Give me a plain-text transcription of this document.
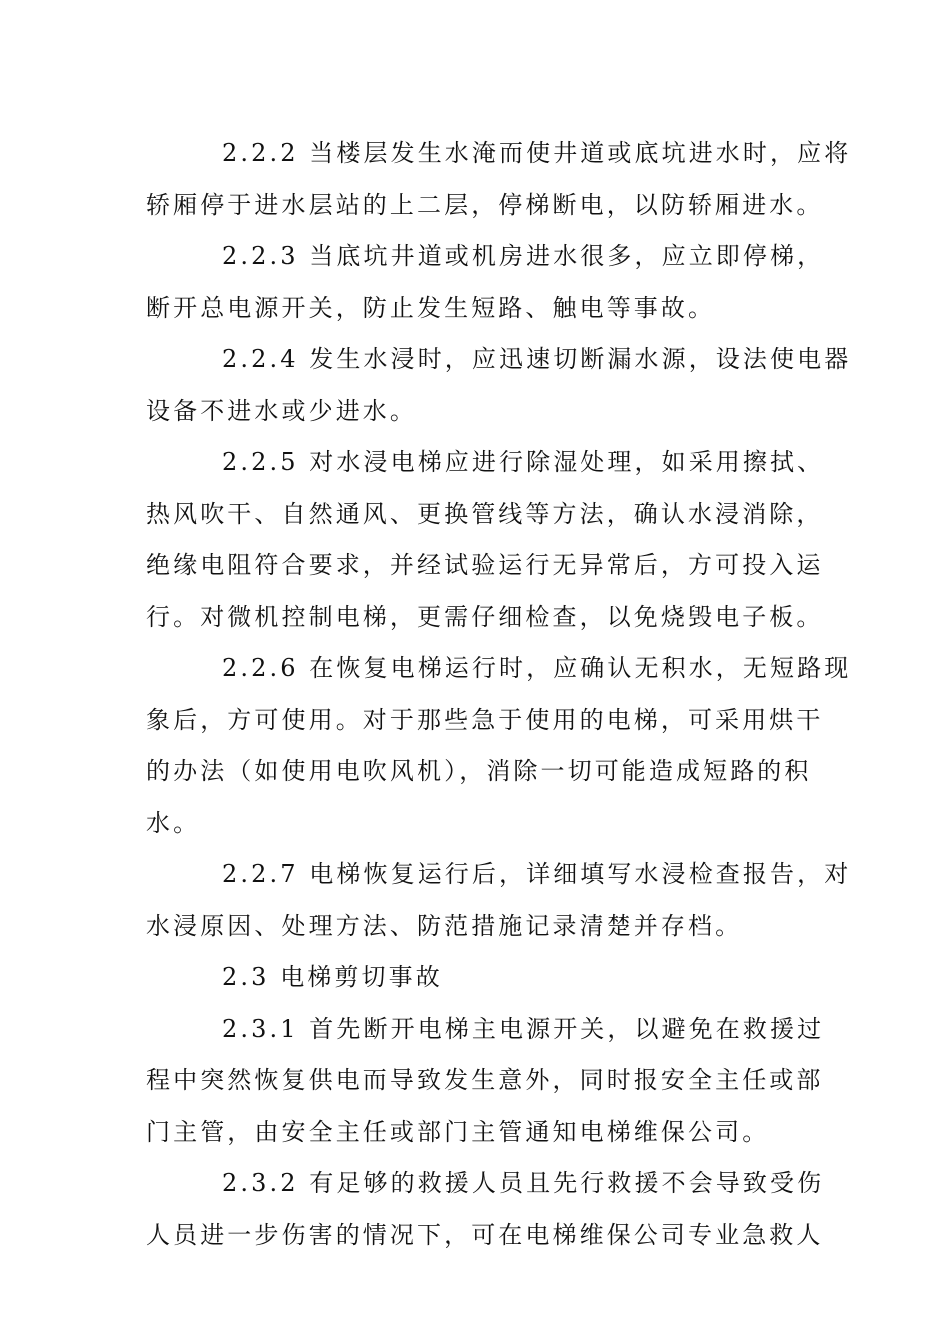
2.2.2 当楼层发生水淹而使井道或底坑进水时，应将
轿厢停于进水层站的上二层，停梯断电，以防轿厢进水。
2.2.3 当底坑井道或机房进水很多，应立即停梯，
断开总电源开关，防止发生短路、触电等事故。
2.2.4 发生水浸时，应迅速切断漏水源，设法使电器
设备不进水或少进水。
2.2.5 对水浸电梯应进行除湿处理，如采用擦拭、
热风吹干、自然通风、更换管线等方法，确认水浸消除，
绝缘电阻符合要求，并经试验运行无异常后，方可投入运
行。对微机控制电梯，更需仔细检查，以免烧毁电子板。
2.2.6 在恢复电梯运行时，应确认无积水，无短路现
象后，方可使用。对于那些急于使用的电梯，可采用烘干
的办法（如使用电吹风机），消除一切可能造成短路的积
水。
2.2.7 电梯恢复运行后，详细填写水浸检查报告，对
水浸原因、处理方法、防范措施记录清楚并存档。
2.3 电梯剪切事故
2.3.1 首先断开电梯主电源开关，以避免在救援过
程中突然恢复供电而导致发生意外，同时报安全主任或部
门主管，由安全主任或部门主管通知电梯维保公司。
2.3.2 有足够的救援人员且先行救援不会导致受伤
人员进一步伤害的情况下，可在电梯维保公司专业急救人
